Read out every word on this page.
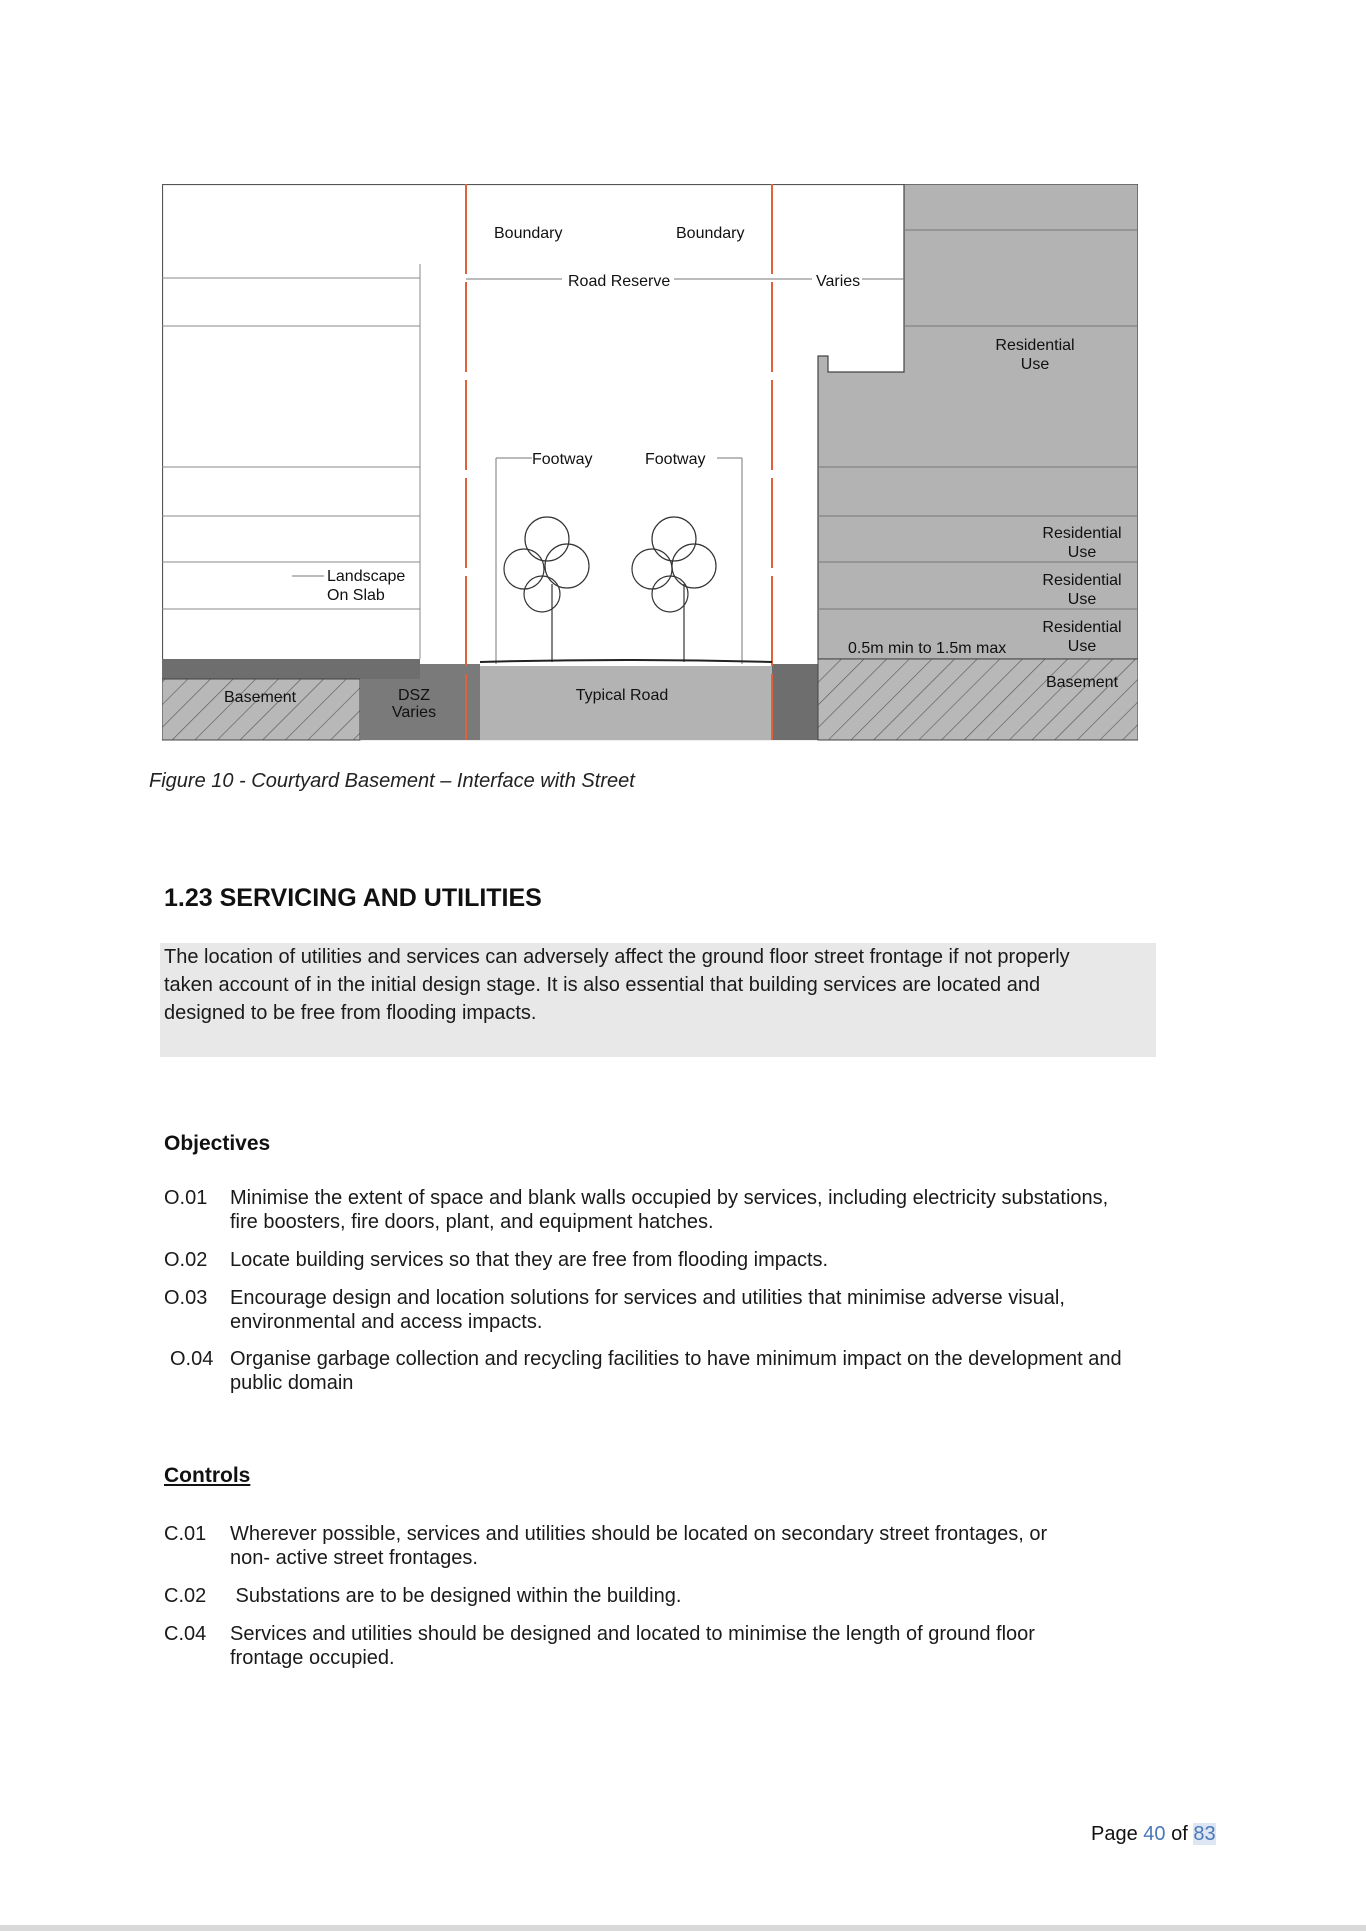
Boundary	Boundary
Road Reserve	Varies
Residential
Use
Footway	Footway
Landscape
On Slab
Residential
Use
Residential
Use
Residential
Use
0.5m min to 1.5m max
Basement	DSZ
Varies
Typical Road
Basement
Figure 10 - Courtyard Basement – Interface with Street
1.23 SERVICING AND UTILITIES
The location of utilities and services can adversely affect the ground floor street frontage if not properly
taken account of in the initial design stage. It is also essential that building services are located and
designed to be free from flooding impacts.
Objectives
O.01 Minimise the extent of space and blank walls occupied by services, including electricity substations,
fire boosters, fire doors, plant, and equipment hatches.
O.02 Locate building services so that they are free from flooding impacts.
O.03 Encourage design and location solutions for services and utilities that minimise adverse visual,
environmental and access impacts.
O.04 Organise garbage collection and recycling facilities to have minimum impact on the development and
public domain
Controls
C.01 Wherever possible, services and utilities should be located on secondary street frontages, or
non- active street frontages.
C.02 Substations are to be designed within the building.
C.04 Services and utilities should be designed and located to minimise the length of ground floor
frontage occupied.
Page 40 of 83
